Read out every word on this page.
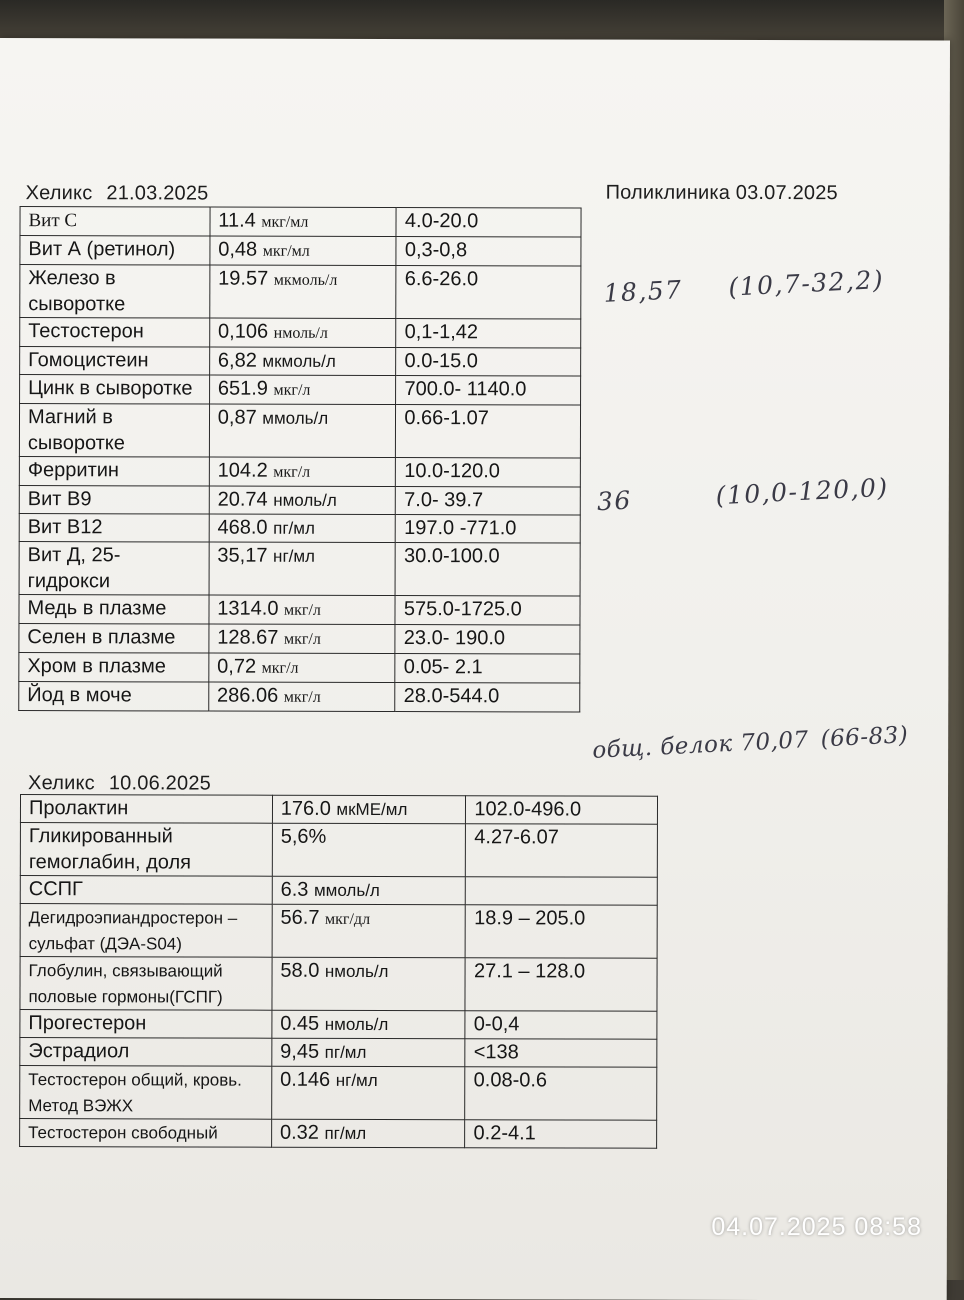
Хеликс 21.03.2025	Поликлиника 03.07.2025
Вит С	11.4 мкг/мл	4.0-20.0
Вит А (ретинол)	0,48 мкг/мл	0,3-0,8
Железо в сыворотке	19.57 мкмоль/л	6.6-26.0
Тестостерон	0,106 нмоль/л	0,1-1,42
Гомоцистеин	6,82 мкмоль/л	0.0-15.0
Цинк в сыворотке	651.9 мкг/л	700.0- 1140.0
Магний в сыворотке	0,87 ммоль/л	0.66-1.07
Ферритин	104.2 мкг/л	10.0-120.0
Вит В9	20.74 нмоль/л	7.0- 39.7
Вит В12	468.0 пг/мл	197.0 -771.0
Вит Д, 25-гидрокси	35,17 нг/мл	30.0-100.0
Медь в плазме	1314.0 мкг/л	575.0-1725.0
Селен в плазме	128.67 мкг/л	23.0- 190.0
Хром в плазме	0,72 мкг/л	0.05- 2.1
Йод в моче	286.06 мкг/л	28.0-544.0
18,57 (10,7-32,2)
36	(10,0-120,0)
общ. белок 70,07 (66-83)
Хеликс 10.06.2025
Пролактин	176.0 мкМЕ/мл	102.0-496.0
Гликированный гемоглабин, доля	5,6%	4.27-6.07
ССПГ	6.3 ммоль/л	
Дегидроэпиандростерон –сульфат (ДЭА-S04)	56.7 мкг/дл	18.9 – 205.0
Глобулин, связывающий половые гормоны(ГСПГ)	58.0 нмоль/л	27.1 – 128.0
Прогестерон	0.45 нмоль/л	0-0,4
Эстрадиол	9,45 пг/мл	<138
Тестостерон общий, кровь. Метод ВЭЖХ	0.146 нг/мл	0.08-0.6
Тестостерон свободный	0.32 пг/мл	0.2-4.1
04.07.2025 08:58
